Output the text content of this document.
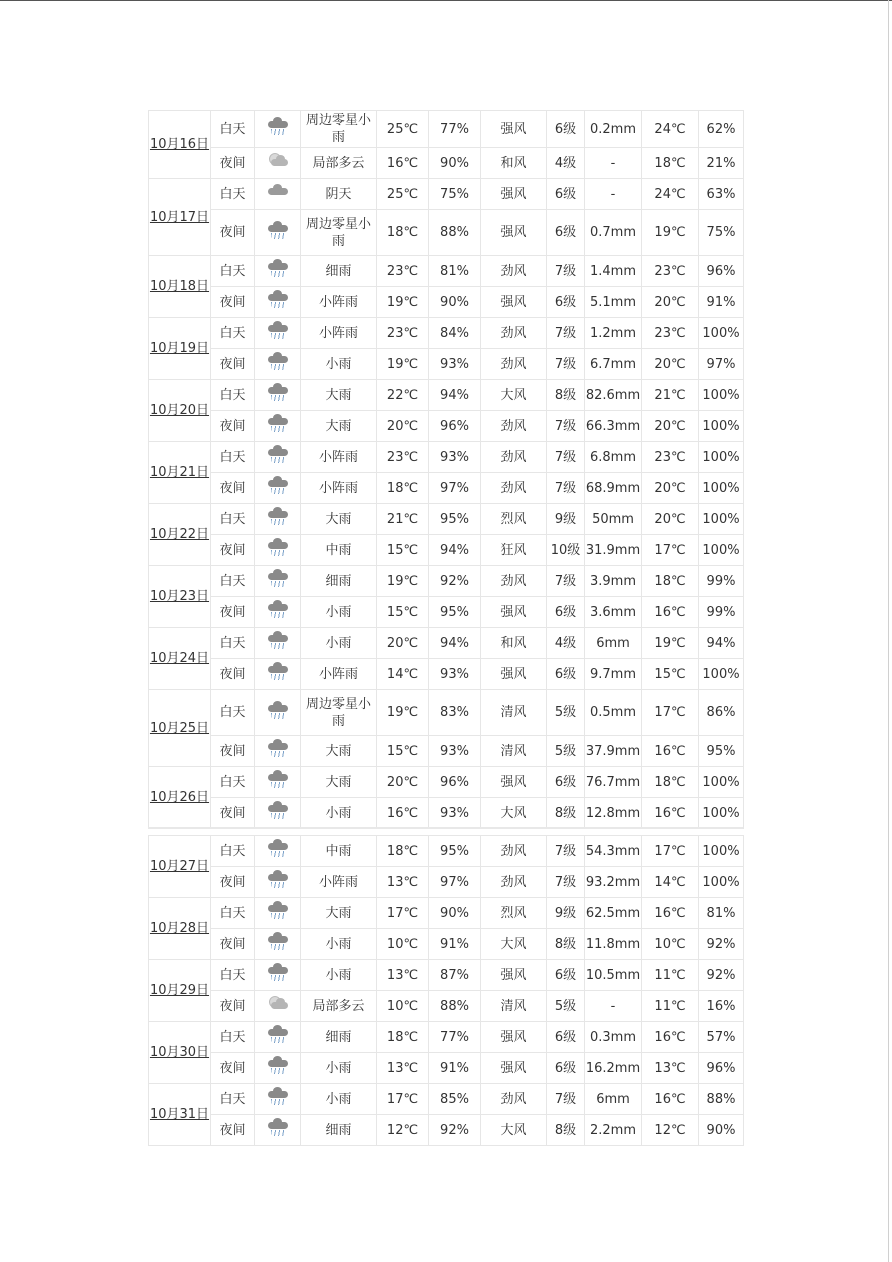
10月16日	白天		周边零星小雨	25℃	77%	强风	6级	0.2mm	24℃	62%
	夜间		局部多云	16℃	90%	和风	4级	-	18℃	21%
10月17日	白天		阴天	25℃	75%	强风	6级	-	24℃	63%
	夜间		周边零星小雨	18℃	88%	强风	6级	0.7mm	19℃	75%
10月18日	白天		细雨	23℃	81%	劲风	7级	1.4mm	23℃	96%
	夜间		小阵雨	19℃	90%	强风	6级	5.1mm	20℃	91%
10月19日	白天		小阵雨	23℃	84%	劲风	7级	1.2mm	23℃	100%
	夜间		小雨	19℃	93%	劲风	7级	6.7mm	20℃	97%
10月20日	白天		大雨	22℃	94%	大风	8级	82.6mm	21℃	100%
	夜间		大雨	20℃	96%	劲风	7级	66.3mm	20℃	100%
10月21日	白天		小阵雨	23℃	93%	劲风	7级	6.8mm	23℃	100%
	夜间		小阵雨	18℃	97%	劲风	7级	68.9mm	20℃	100%
10月22日	白天		大雨	21℃	95%	烈风	9级	50mm	20℃	100%
	夜间		中雨	15℃	94%	狂风	10级	31.9mm	17℃	100%
10月23日	白天		细雨	19℃	92%	劲风	7级	3.9mm	18℃	99%
	夜间		小雨	15℃	95%	强风	6级	3.6mm	16℃	99%
10月24日	白天		小雨	20℃	94%	和风	4级	6mm	19℃	94%
	夜间		小阵雨	14℃	93%	强风	6级	9.7mm	15℃	100%
10月25日	白天		周边零星小雨	19℃	83%	清风	5级	0.5mm	17℃	86%
	夜间		大雨	15℃	93%	清风	5级	37.9mm	16℃	95%
10月26日	白天		大雨	20℃	96%	强风	6级	76.7mm	18℃	100%
	夜间		小雨	16℃	93%	大风	8级	12.8mm	16℃	100%
10月27日	白天		中雨	18℃	95%	劲风	7级	54.3mm	17℃	100%
	夜间		小阵雨	13℃	97%	劲风	7级	93.2mm	14℃	100%
10月28日	白天		大雨	17℃	90%	烈风	9级	62.5mm	16℃	81%
	夜间		小雨	10℃	91%	大风	8级	11.8mm	10℃	92%
10月29日	白天		小雨	13℃	87%	强风	6级	10.5mm	11℃	92%
	夜间		局部多云	10℃	88%	清风	5级	-	11℃	16%
10月30日	白天		细雨	18℃	77%	强风	6级	0.3mm	16℃	57%
	夜间		小雨	13℃	91%	强风	6级	16.2mm	13℃	96%
10月31日	白天		小雨	17℃	85%	劲风	7级	6mm	16℃	88%
	夜间		细雨	12℃	92%	大风	8级	2.2mm	12℃	90%
